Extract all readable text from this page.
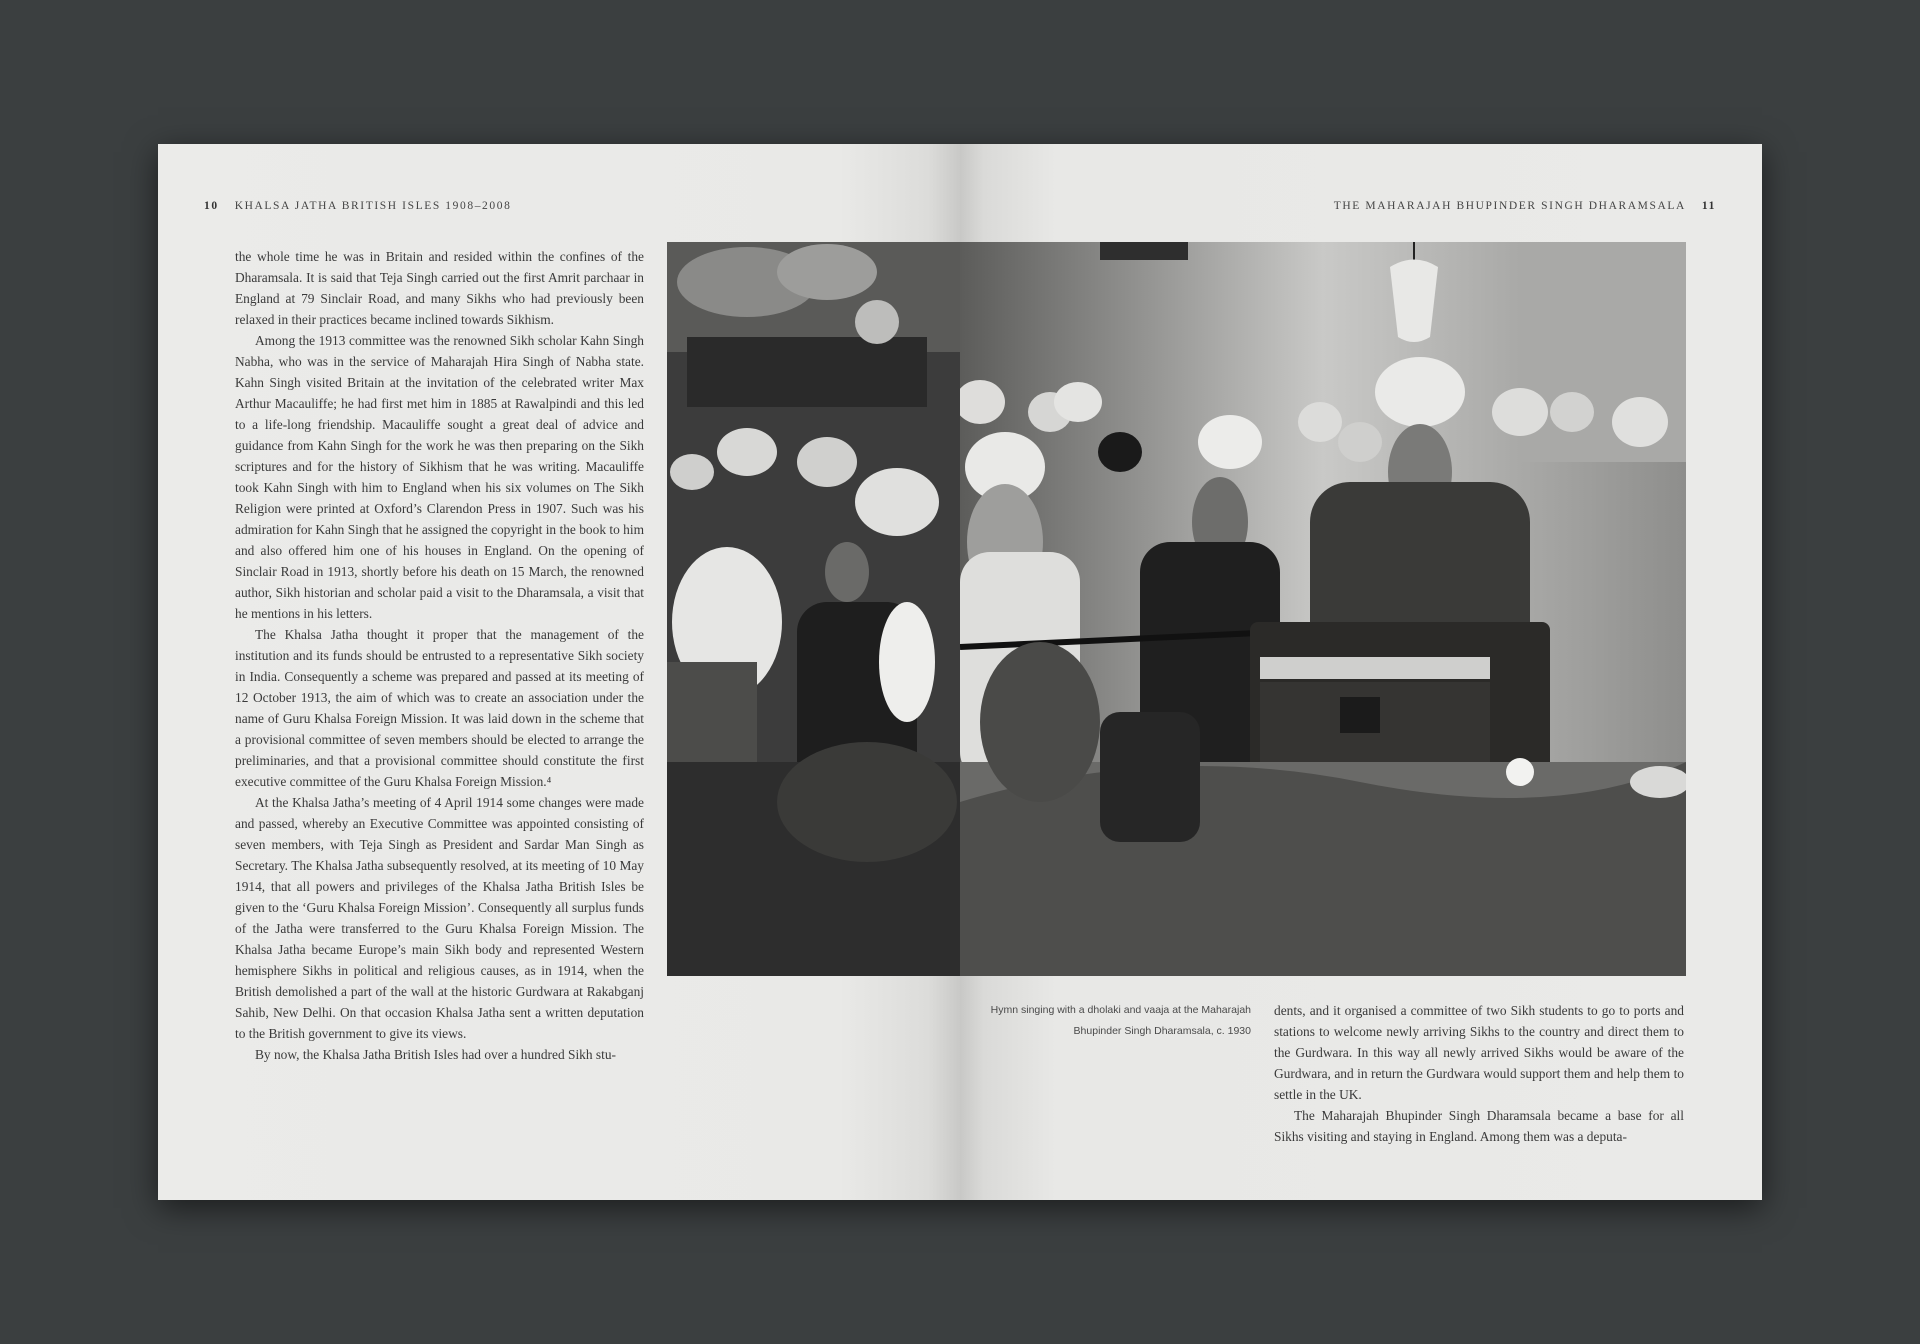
10 KHALSA JATHA BRITISH ISLES 1908–2008

the whole time he was in Britain and resided within the confines of the Dharamsala. It is said that Teja Singh carried out the first Amrit parchaar in England at 79 Sinclair Road, and many Sikhs who had previously been relaxed in their practices became inclined towards Sikhism.

Among the 1913 committee was the renowned Sikh scholar Kahn Singh Nabha, who was in the service of Maharajah Hira Singh of Nabha state. Kahn Singh visited Britain at the invitation of the celebrated writer Max Arthur Macauliffe; he had first met him in 1885 at Rawalpindi and this led to a life-long friendship. Macauliffe sought a great deal of advice and guidance from Kahn Singh for the work he was then preparing on the Sikh scriptures and for the history of Sikhism that he was writing. Macauliffe took Kahn Singh with him to England when his six volumes on The Sikh Religion were printed at Oxford’s Clarendon Press in 1907. Such was his admiration for Kahn Singh that he assigned the copyright in the book to him and also offered him one of his houses in England. On the opening of Sinclair Road in 1913, shortly before his death on 15 March, the renowned author, Sikh historian and scholar paid a visit to the Dharamsala, a visit that he mentions in his letters.

The Khalsa Jatha thought it proper that the management of the institution and its funds should be entrusted to a representative Sikh society in India. Consequently a scheme was prepared and passed at its meeting of 12 October 1913, the aim of which was to create an association under the name of Guru Khalsa Foreign Mission. It was laid down in the scheme that a provisional committee of seven members should be elected to arrange the preliminaries, and that a provisional committee should constitute the first executive committee of the Guru Khalsa Foreign Mission.⁴

At the Khalsa Jatha’s meeting of 4 April 1914 some changes were made and passed, whereby an Executive Committee was appointed consisting of seven members, with Teja Singh as President and Sardar Man Singh as Secretary. The Khalsa Jatha subsequently resolved, at its meeting of 10 May 1914, that all powers and privileges of the Khalsa Jatha British Isles be given to the ‘Guru Khalsa Foreign Mission’. Consequently all surplus funds of the Jatha were transferred to the Guru Khalsa Foreign Mission. The Khalsa Jatha became Europe’s main Sikh body and represented Western hemisphere Sikhs in political and religious causes, as in 1914, when the British demolished a part of the wall at the historic Gurdwara at Rakabganj Sahib, New Delhi. On that occasion Khalsa Jatha sent a written deputation to the British government to give its views.

By now, the Khalsa Jatha British Isles had over a hundred Sikh stu-

THE MAHARAJAH BHUPINDER SINGH DHARAMSALA 11
Hymn singing with a dholaki and vaaja at the Maharajah Bhupinder Singh Dharamsala, c. 1930

dents, and it organised a committee of two Sikh students to go to ports and stations to welcome newly arriving Sikhs to the country and direct them to the Gurdwara. In this way all newly arrived Sikhs would be aware of the Gurdwara, and in return the Gurdwara would support them and help them to settle in the UK.

The Maharajah Bhupinder Singh Dharamsala became a base for all Sikhs visiting and staying in England. Among them was a deputa-
